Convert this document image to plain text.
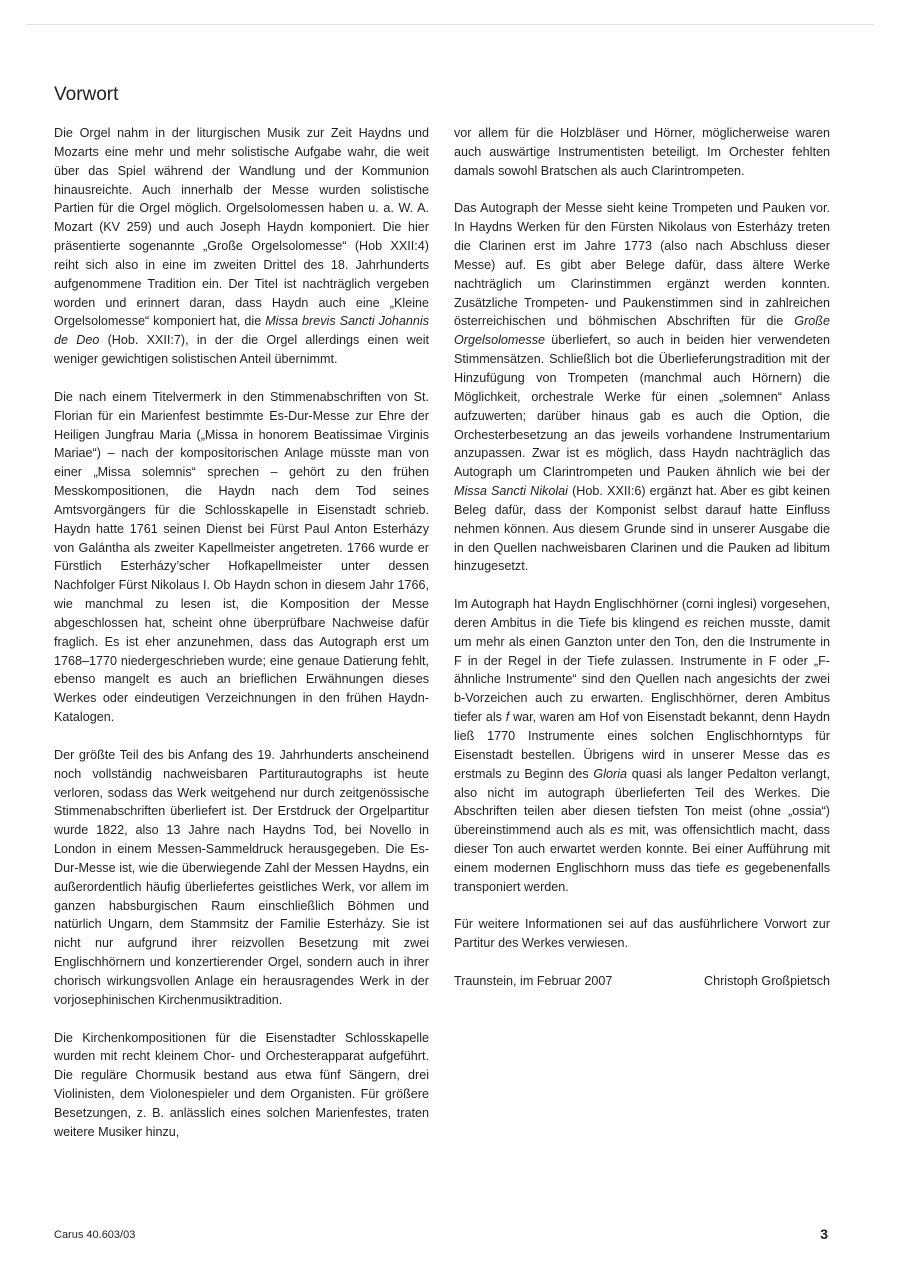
Vorwort

Die Orgel nahm in der liturgischen Musik zur Zeit Haydns und Mozarts eine mehr und mehr solistische Aufgabe wahr, die weit über das Spiel während der Wandlung und der Kommunion hinausreichte. Auch innerhalb der Messe wurden solistische Partien für die Orgel möglich. Orgelsolomessen haben u. a. W. A. Mozart (KV 259) und auch Joseph Haydn komponiert. Die hier präsentierte sogenannte „Große Orgelsolomesse“ (Hob XXII:4) reiht sich also in eine im zweiten Drittel des 18. Jahrhunderts aufgenommene Tradition ein. Der Titel ist nachträglich vergeben worden und erinnert daran, dass Haydn auch eine „Kleine Orgelsolomesse“ komponiert hat, die Missa brevis Sancti Johannis de Deo (Hob. XXII:7), in der die Orgel allerdings einen weit weniger gewichtigen solistischen Anteil übernimmt.

Die nach einem Titelvermerk in den Stimmenabschriften von St. Florian für ein Marienfest bestimmte Es-Dur-Messe zur Ehre der Heiligen Jungfrau Maria („Missa in honorem Beatissimae Virginis Mariae“) – nach der kompositorischen Anlage müsste man von einer „Missa solemnis“ sprechen – gehört zu den frühen Messkompositionen, die Haydn nach dem Tod seines Amtsvorgängers für die Schlosskapelle in Eisenstadt schrieb. Haydn hatte 1761 seinen Dienst bei Fürst Paul Anton Esterházy von Galántha als zweiter Kapellmeister angetreten. 1766 wurde er Fürstlich Esterházy’scher Hofkapellmeister unter dessen Nachfolger Fürst Nikolaus I. Ob Haydn schon in diesem Jahr 1766, wie manchmal zu lesen ist, die Komposition der Messe abgeschlossen hat, scheint ohne überprüfbare Nachweise dafür fraglich. Es ist eher anzunehmen, dass das Autograph erst um 1768–1770 niedergeschrieben wurde; eine genaue Datierung fehlt, ebenso mangelt es auch an brieflichen Erwähnungen dieses Werkes oder eindeutigen Verzeichnungen in den frühen Haydn-Katalogen.

Der größte Teil des bis Anfang des 19. Jahrhunderts anscheinend noch vollständig nachweisbaren Partiturautographs ist heute verloren, sodass das Werk weitgehend nur durch zeitgenössische Stimmenabschriften überliefert ist. Der Erstdruck der Orgelpartitur wurde 1822, also 13 Jahre nach Haydns Tod, bei Novello in London in einem Messen-Sammeldruck herausgegeben. Die Es-Dur-Messe ist, wie die überwiegende Zahl der Messen Haydns, ein außerordentlich häufig überliefertes geistliches Werk, vor allem im ganzen habsburgischen Raum einschließlich Böhmen und natürlich Ungarn, dem Stammsitz der Familie Esterházy. Sie ist nicht nur aufgrund ihrer reizvollen Besetzung mit zwei Englischhörnern und konzertierender Orgel, sondern auch in ihrer chorisch wirkungsvollen Anlage ein herausragendes Werk in der vorjosephinischen Kirchenmusiktradition.

Die Kirchenkompositionen für die Eisenstadter Schlosskapelle wurden mit recht kleinem Chor- und Orchesterapparat aufgeführt. Die reguläre Chormusik bestand aus etwa fünf Sängern, drei Violinisten, dem Violonespieler und dem Organisten. Für größere Besetzungen, z. B. anlässlich eines solchen Marienfestes, traten weitere Musiker hinzu,

vor allem für die Holzbläser und Hörner, möglicherweise waren auch auswärtige Instrumentisten beteiligt. Im Orchester fehlten damals sowohl Bratschen als auch Clarintrompeten.

Das Autograph der Messe sieht keine Trompeten und Pauken vor. In Haydns Werken für den Fürsten Nikolaus von Esterházy treten die Clarinen erst im Jahre 1773 (also nach Abschluss dieser Messe) auf. Es gibt aber Belege dafür, dass ältere Werke nachträglich um Clarinstimmen ergänzt werden konnten. Zusätzliche Trompeten- und Paukenstimmen sind in zahlreichen österreichischen und böhmischen Abschriften für die Große Orgelsolomesse überliefert, so auch in beiden hier verwendeten Stimmensätzen. Schließlich bot die Überlieferungstradition mit der Hinzufügung von Trompeten (manchmal auch Hörnern) die Möglichkeit, orchestrale Werke für einen „solemnen“ Anlass aufzuwerten; darüber hinaus gab es auch die Option, die Orchesterbesetzung an das jeweils vorhandene Instrumentarium anzupassen. Zwar ist es möglich, dass Haydn nachträglich das Autograph um Clarintrompeten und Pauken ähnlich wie bei der Missa Sancti Nikolai (Hob. XXII:6) ergänzt hat. Aber es gibt keinen Beleg dafür, dass der Komponist selbst darauf hatte Einfluss nehmen können. Aus diesem Grunde sind in unserer Ausgabe die in den Quellen nachweisbaren Clarinen und die Pauken ad libitum hinzugesetzt.

Im Autograph hat Haydn Englischhörner (corni inglesi) vorgesehen, deren Ambitus in die Tiefe bis klingend es reichen musste, damit um mehr als einen Ganzton unter den Ton, den die Instrumente in F in der Regel in der Tiefe zulassen. Instrumente in F oder „F-ähnliche Instrumente“ sind den Quellen nach angesichts der zwei b-Vorzeichen auch zu erwarten. Englischhörner, deren Ambitus tiefer als f war, waren am Hof von Eisenstadt bekannt, denn Haydn ließ 1770 Instrumente eines solchen Englischhorntyps für Eisenstadt bestellen. Übrigens wird in unserer Messe das es erstmals zu Beginn des Gloria quasi als langer Pedalton verlangt, also nicht im autograph überlieferten Teil des Werkes. Die Abschriften teilen aber diesen tiefsten Ton meist (ohne „ossia“) übereinstimmend auch als es mit, was offensichtlich macht, dass dieser Ton auch erwartet werden konnte. Bei einer Aufführung mit einem modernen Englischhorn muss das tiefe es gegebenenfalls transponiert werden.

Für weitere Informationen sei auf das ausführlichere Vorwort zur Partitur des Werkes verwiesen.

Traunstein, im Februar 2007	Christoph Großpietsch
Carus 40.603/03	3
